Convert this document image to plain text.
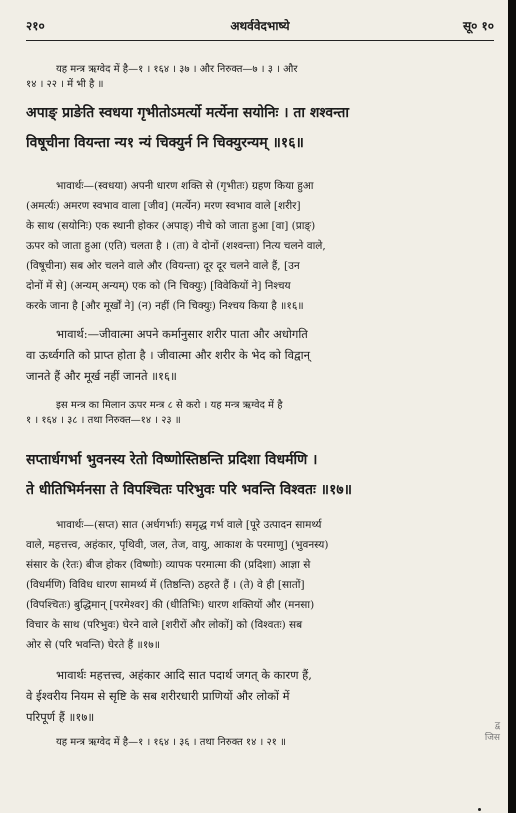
२१०	अथर्ववेदभाष्ये	सू० १०
यह मन्त्र ऋग्वेद में है—१ । १६४ । ३७ । और निरुक्त—७ । ३ । और
१४ । २२ । में भी है ॥
अपाङ् प्राङेति स्वधया गृभीतोऽमर्त्यो मर्त्येना सयोनिः । ता शश्वन्ता
विषूचीना वियन्ता न्य१ न्यं चिक्युर्न नि चिक्युरन्यम् ॥१६॥
भावार्थः—(स्वधया) अपनी धारण शक्ति से (गृभीतः) ग्रहण किया हुआ
(अमर्त्यः) अमरण स्वभाव वाला [जीव] (मर्त्येन) मरण स्वभाव वाले [शरीर]
के साथ (सयोनिः) एक स्थानी होकर (अपाङ्) नीचे को जाता हुआ [वा] (प्राङ्)
ऊपर को जाता हुआ (एति) चलता है । (ता) वे दोनों (शश्वन्ता) नित्य चलने वाले,
(विषूचीना) सब ओर चलने वाले और (वियन्ता) दूर दूर चलने वाले हैं, [उन
दोनों में से] (अन्यम् अन्यम्) एक को (नि चिक्युः) [विवेकियों ने] निश्चय
करके जाना है [और मूर्खों ने] (न) नहीं (नि चिक्युः) निश्चय किया है ॥१६॥
भावार्थ:—जीवात्मा अपने कर्मानुसार शरीर पाता और अधोगति
वा ऊर्ध्वगति को प्राप्त होता है । जीवात्मा और शरीर के भेद को विद्वान्
जानते हैं और मूर्ख नहीं जानते ॥१६॥
इस मन्त्र का मिलान ऊपर मन्त्र ८ से करो । यह मन्त्र ऋग्वेद में है
१ । १६४ । ३८ । तथा निरुक्त—१४ । २३ ॥
सप्तार्धगर्भा भुवनस्य रेतो विष्णोस्तिष्ठन्ति प्रदिशा विधर्मणि ।
ते धीतिभिर्मनसा ते विपश्चितः परिभुवः परि भवन्ति विश्वतः ॥१७॥
भावार्थः—(सप्त) सात (अर्धगर्भाः) समृद्ध गर्भ वाले [पूरे उत्पादन सामर्थ्य
वाले, महत्तत्त्व, अहंकार, पृथिवी, जल, तेज, वायु, आकाश के परमाणु] (भुवनस्य)
संसार के (रेतः) बीज होकर (विष्णोः) व्यापक परमात्मा की (प्रदिशा) आज्ञा से
(विधर्मणि) विविध धारण सामर्थ्य में (तिष्ठन्ति) ठहरते हैं । (ते) वे ही [सातों]
(विपश्चितः) बुद्धिमान् [परमेश्वर] की (धीतिभिः) धारण शक्तियों और (मनसा)
विचार के साथ (परिभुवः) घेरने वाले [शरीरों और लोकों] को (विश्वतः) सब
ओर से (परि भवन्ति) घेरते हैं ॥१७॥
भावार्थः महत्तत्त्व, अहंकार आदि सात पदार्थ जगत् के कारण हैं,
वे ईश्वरीय नियम से सृष्टि के सब शरीरधारी प्राणियों और लोकों में
परिपूर्ण हैं ॥१७॥
यह मन्त्र ऋग्वेद में है—१ । १६४ । ३६ । तथा निरुक्त १४ । २१ ॥
द्व
जिस
